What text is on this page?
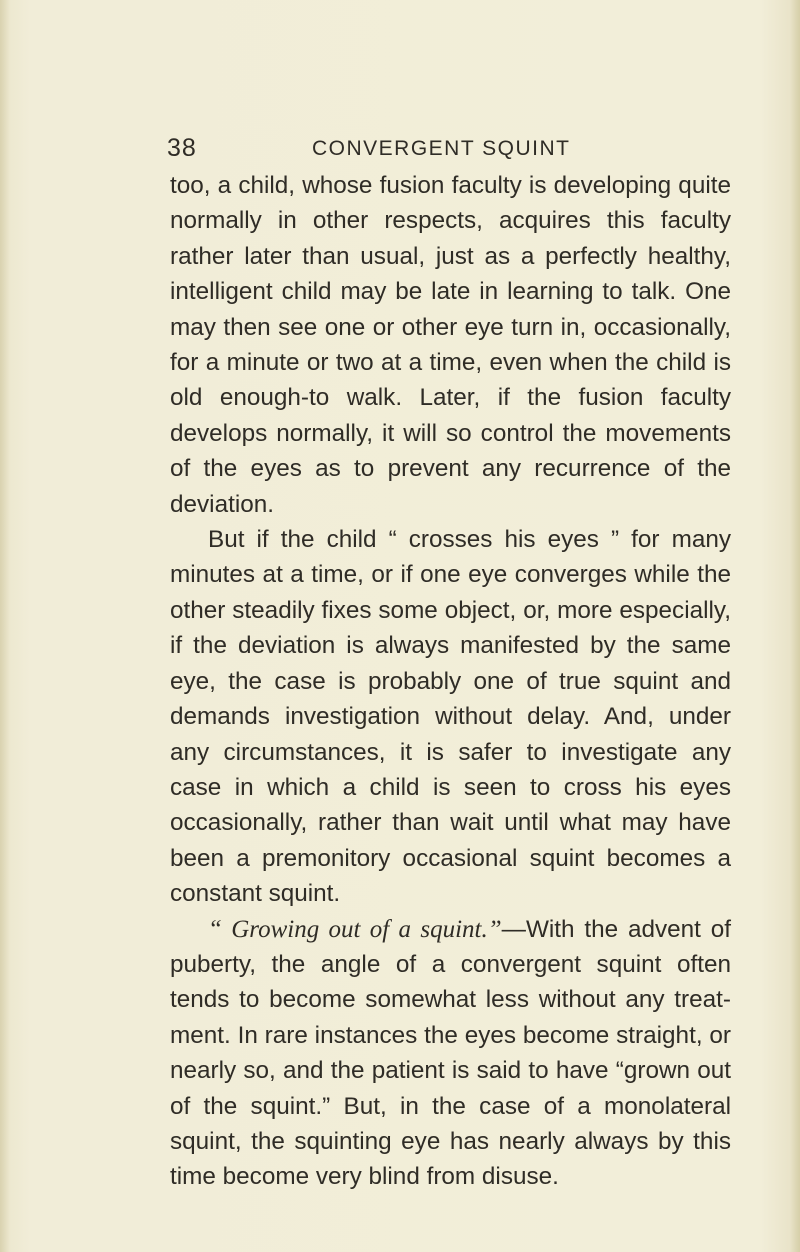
38	CONVERGENT SQUINT

too, a child, whose fusion faculty is developing quite normally in other respects, acquires this faculty rather later than usual, just as a perfectly healthy, intelligent child may be late in learning to talk. One may then see one or other eye turn in, occasionally, for a minute or two at a time, even when the child is old enough-to walk. Later, if the fusion faculty develops normally, it will so control the movements of the eyes as to prevent any recurrence of the deviation.

But if the child “ crosses his eyes ” for many minutes at a time, or if one eye converges while the other steadily fixes some object, or, more especially, if the deviation is always manifested by the same eye, the case is probably one of true squint and demands investigation without delay. And, under any circumstances, it is safer to investigate any case in which a child is seen to cross his eyes occasionally, rather than wait until what may have been a premonitory occasional squint becomes a constant squint.

“ Growing out of a squint.”—With the advent of puberty, the angle of a convergent squint often tends to become somewhat less without any treat-ment. In rare instances the eyes become straight, or nearly so, and the patient is said to have “grown out of the squint.” But, in the case of a monolateral squint, the squinting eye has nearly always by this time become very blind from disuse.
